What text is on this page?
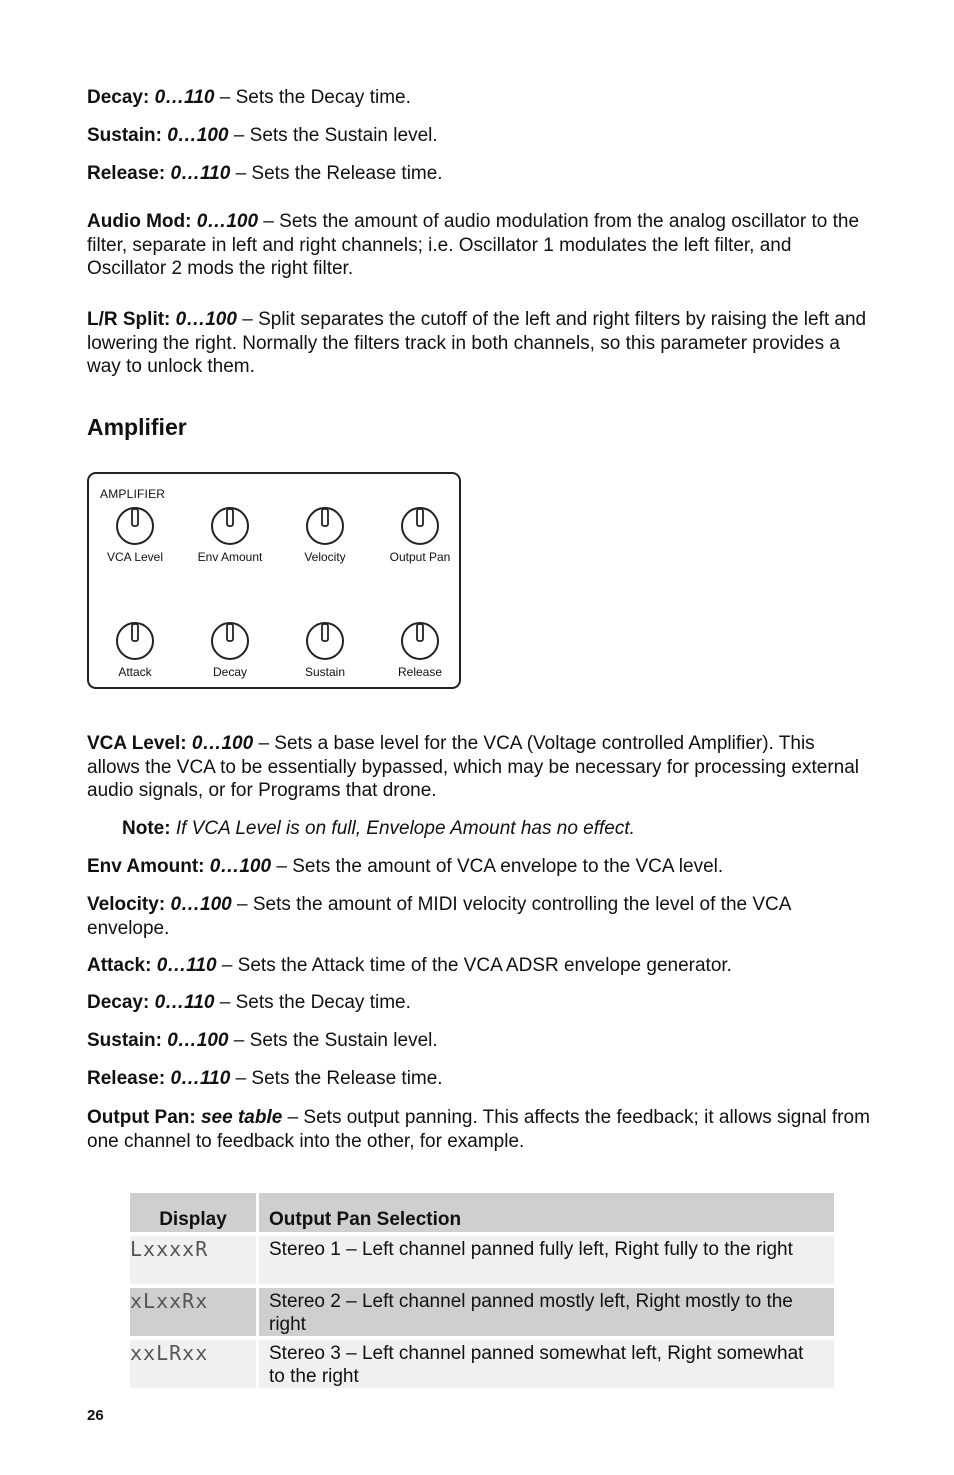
Decay: 0…110 – Sets the Decay time.

Sustain: 0…100 – Sets the Sustain level.

Release: 0…110 – Sets the Release time.

Audio Mod: 0…100 – Sets the amount of audio modulation from the analog oscillator to the filter, separate in left and right channels; i.e. Oscillator 1 modulates the left filter, and Oscillator 2 mods the right filter.

L/R Split: 0…100 – Split separates the cutoff of the left and right filters by raising the left and lowering the right. Normally the filters track in both channels, so this parameter provides a way to unlock them.

Amplifier
AMPLIFIER
VCA Level	Env Amount	Velocity	Output Pan
Attack	Decay	Sustain	Release

VCA Level: 0…100 – Sets a base level for the VCA (Voltage controlled Amplifier). This allows the VCA to be essentially bypassed, which may be necessary for processing external audio signals, or for Programs that drone.

Note: If VCA Level is on full, Envelope Amount has no effect.

Env Amount: 0…100 – Sets the amount of VCA envelope to the VCA level.

Velocity: 0…100 – Sets the amount of MIDI velocity controlling the level of the VCA envelope.

Attack: 0…110 – Sets the Attack time of the VCA ADSR envelope generator.

Decay: 0…110 – Sets the Decay time.

Sustain: 0…100 – Sets the Sustain level.

Release: 0…110 – Sets the Release time.

Output Pan: see table – Sets output panning. This affects the feedback; it allows signal from one channel to feedback into the other, for example.

Display	Output Pan Selection
LxxxxR	Stereo 1 – Left channel panned fully left, Right fully to the right
xLxxRx	Stereo 2 – Left channel panned mostly left, Right mostly to the right
xxLRxx	Stereo 3 – Left channel panned somewhat left, Right somewhat to the right
26
